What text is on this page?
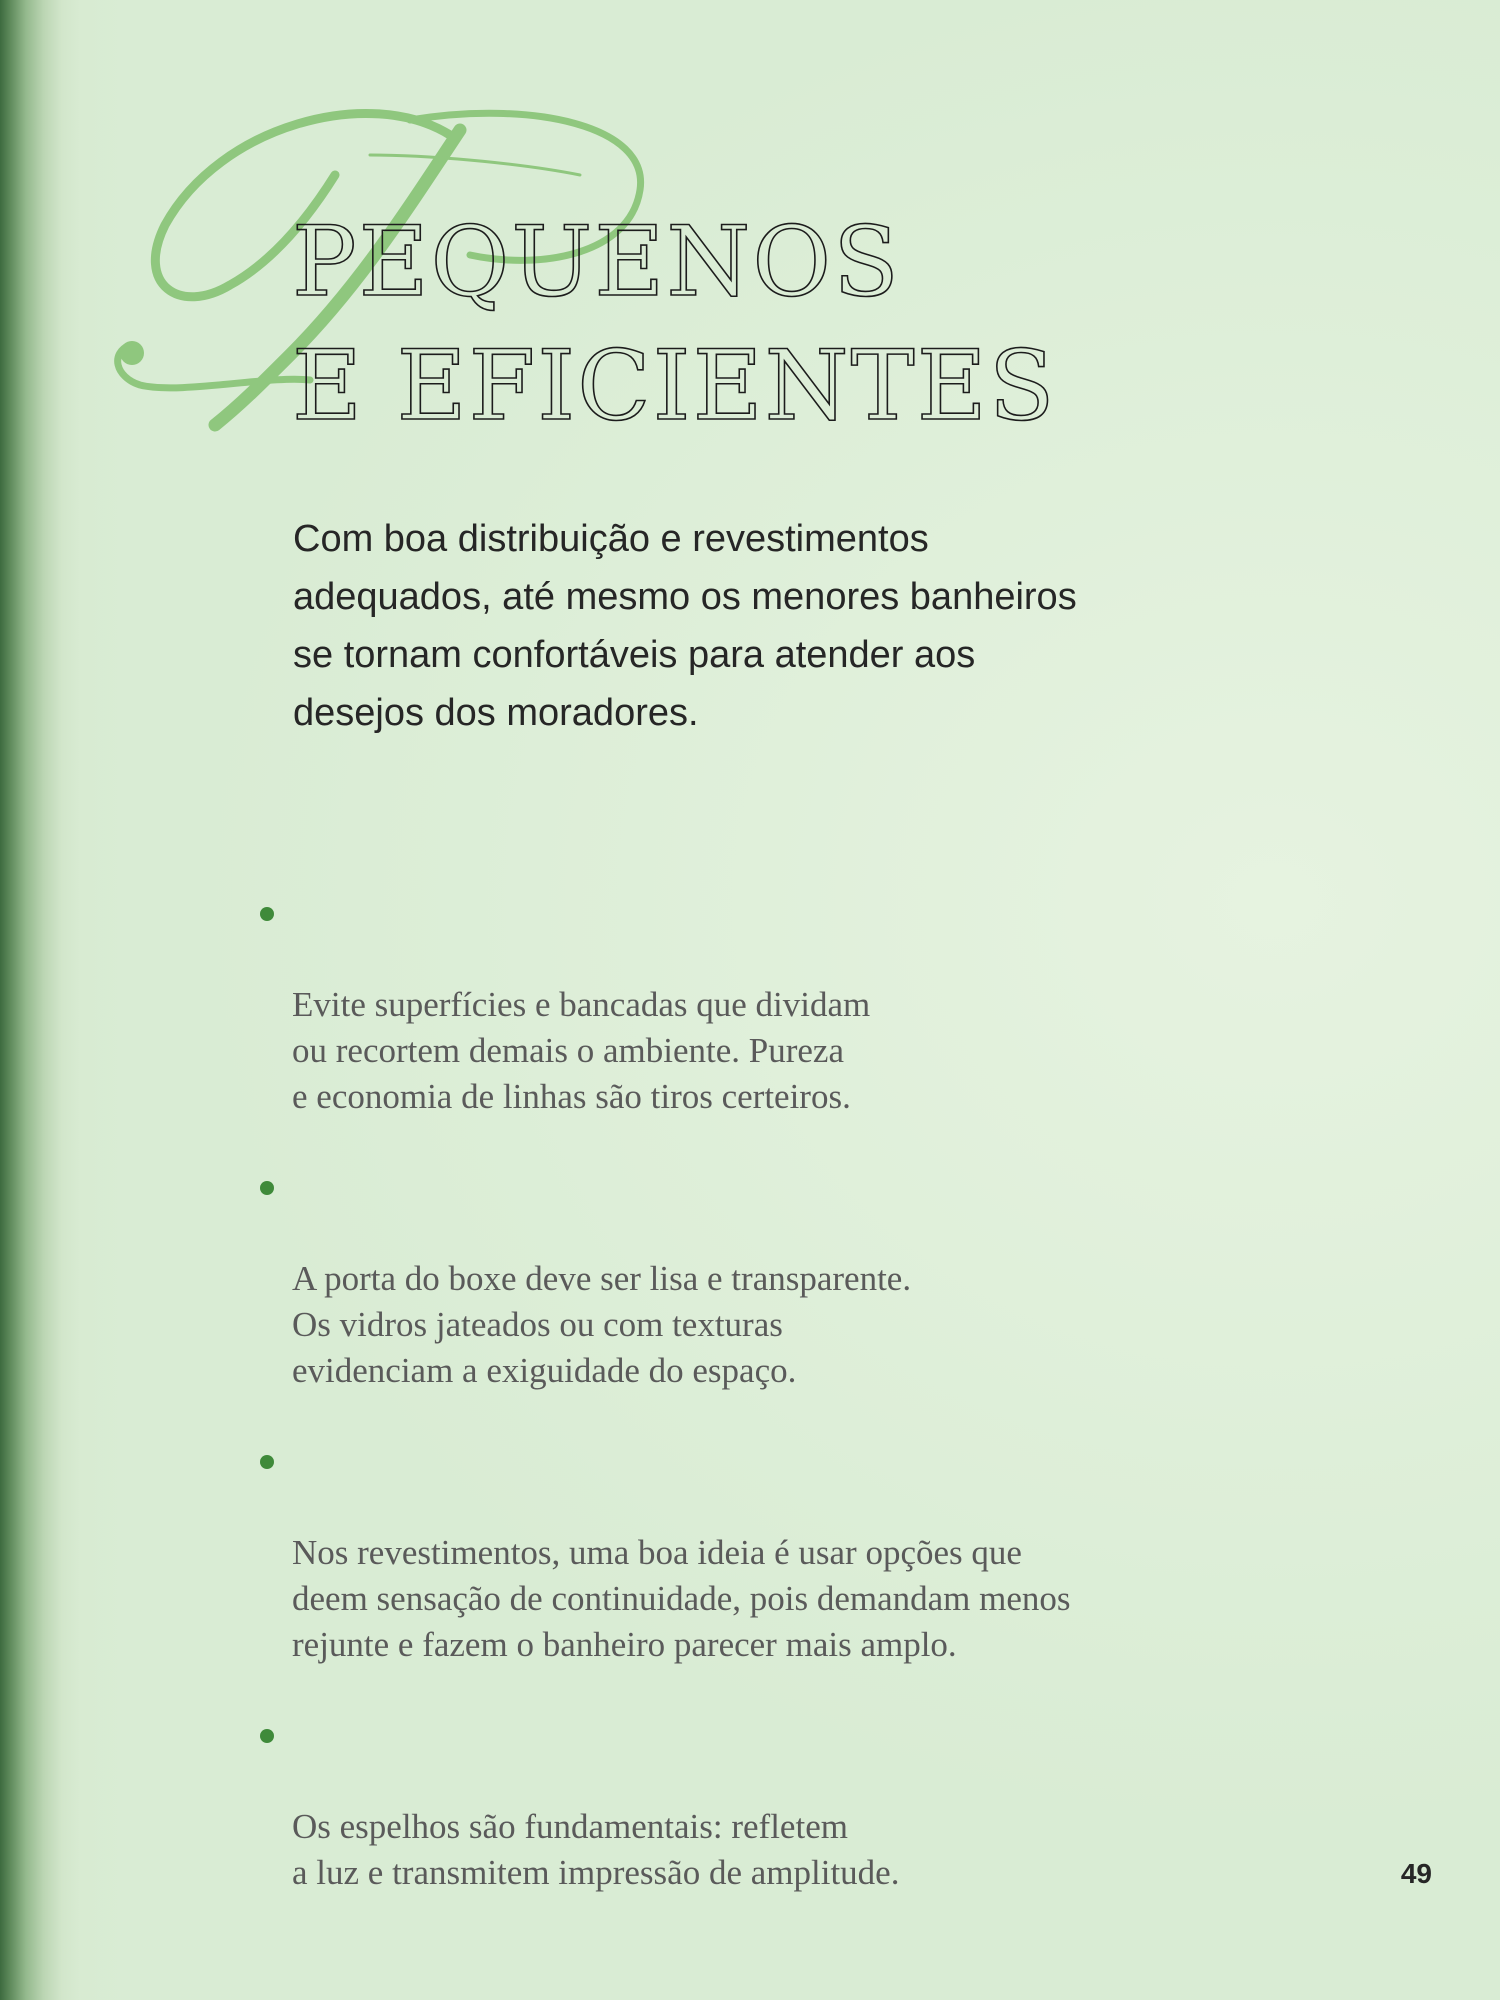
PEQUENOS
E EFICIENTES

Com boa distribuição e revestimentos adequados, até mesmo os menores banheiros se tornam confortáveis para atender aos desejos dos moradores.

Evite superfícies e bancadas que dividam
ou recortem demais o ambiente. Pureza
e economia de linhas são tiros certeiros.

A porta do boxe deve ser lisa e transparente.
Os vidros jateados ou com texturas
evidenciam a exiguidade do espaço.

Nos revestimentos, uma boa ideia é usar opções que
deem sensação de continuidade, pois demandam menos
rejunte e fazem o banheiro parecer mais amplo.

Os espelhos são fundamentais: refletem
a luz e transmitem impressão de amplitude.	49
